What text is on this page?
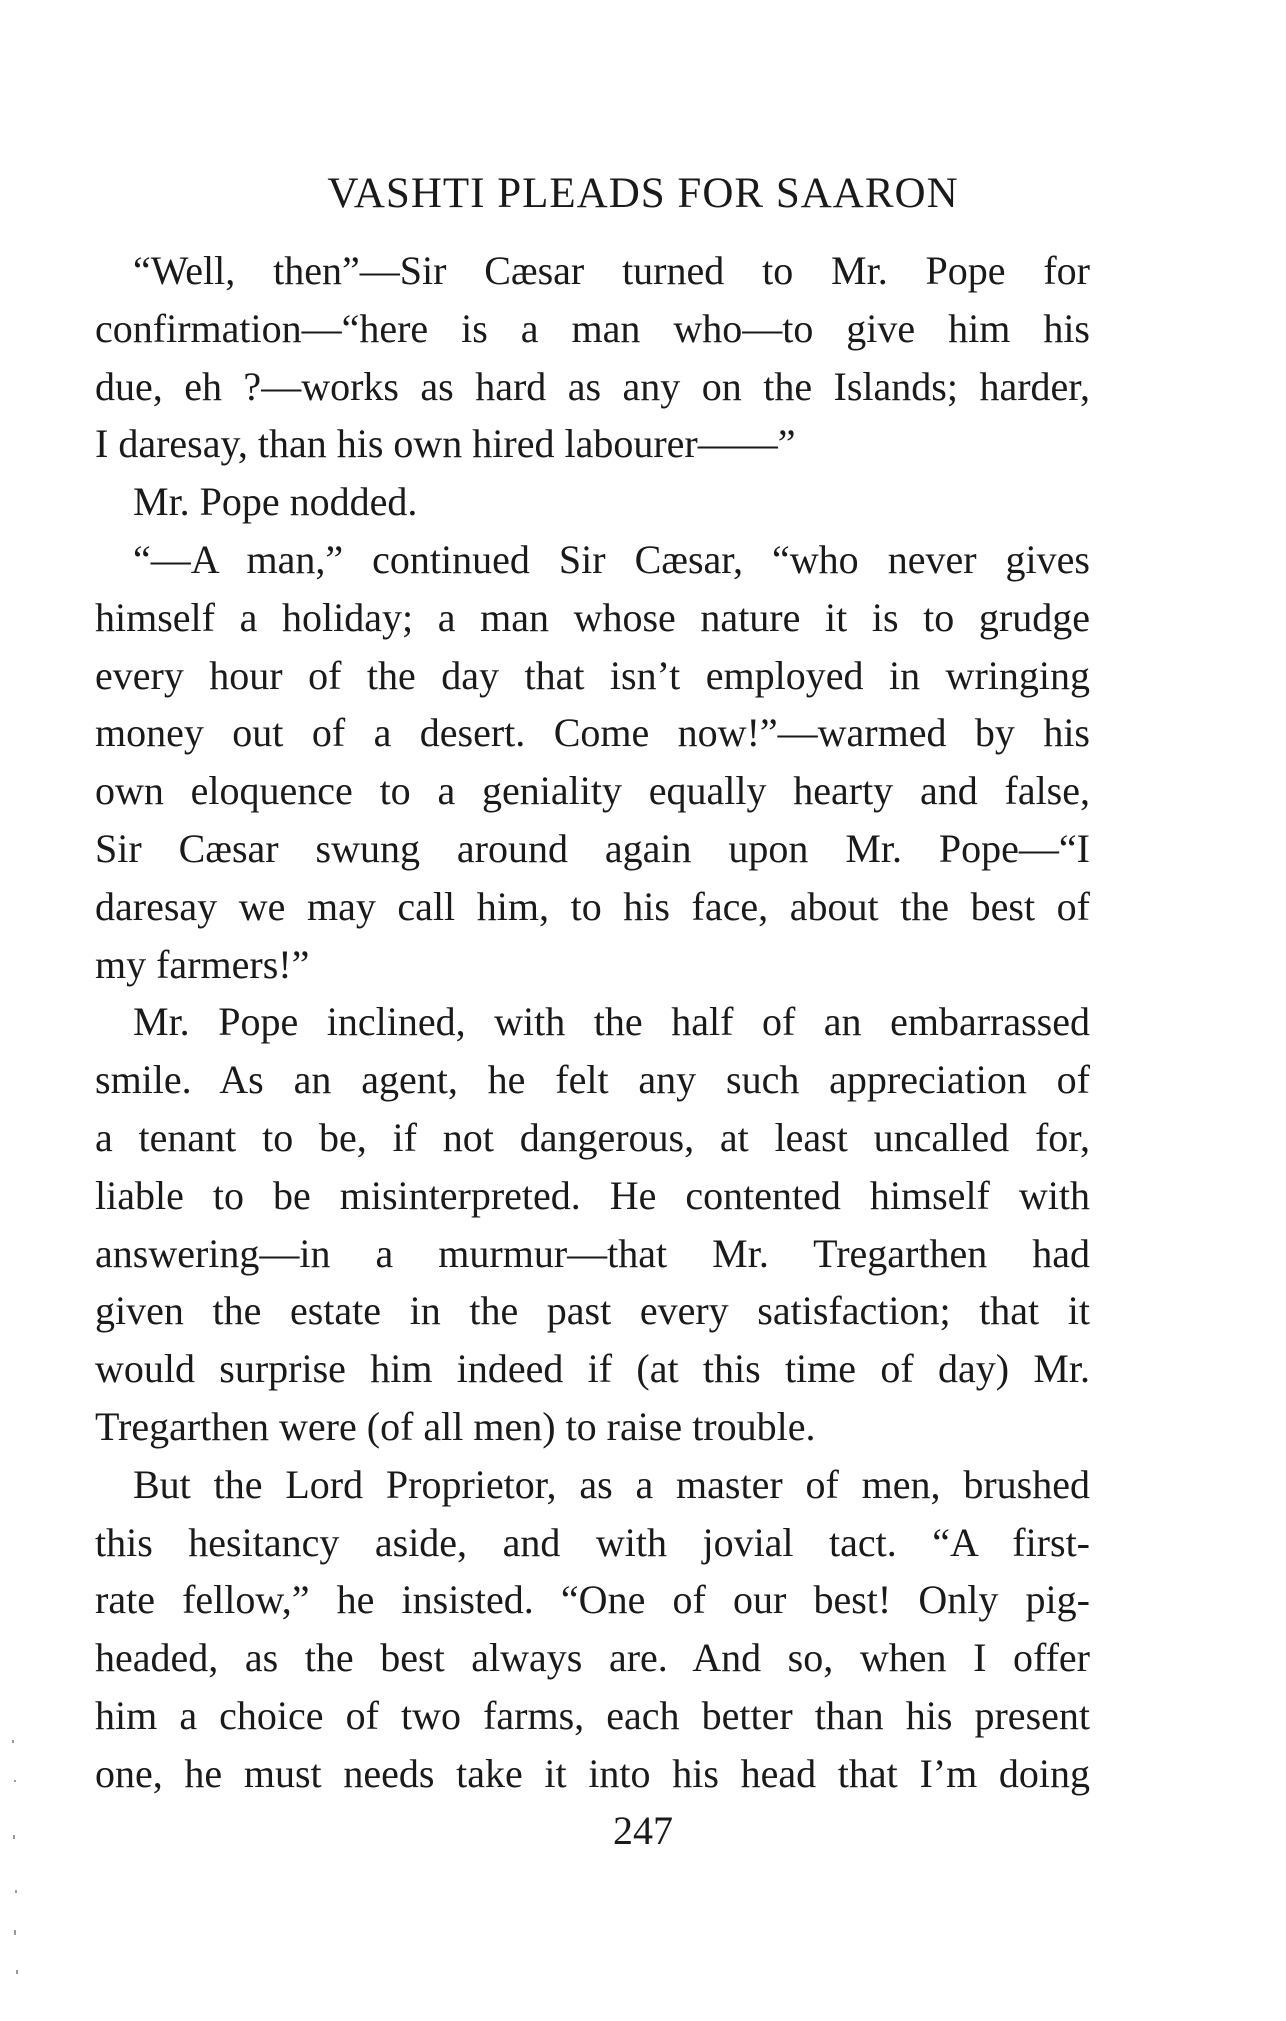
VASHTI PLEADS FOR SAARON
“Well, then”—Sir Cæsar turned to Mr. Pope for
confirmation—“here is a man who—to give him his
due, eh ?—works as hard as any on the Islands; harder,
I daresay, than his own hired labourer——”
Mr. Pope nodded.
“—A man,” continued Sir Cæsar, “who never gives
himself a holiday; a man whose nature it is to grudge
every hour of the day that isn’t employed in wringing
money out of a desert. Come now!”—warmed by his
own eloquence to a geniality equally hearty and false,
Sir Cæsar swung around again upon Mr. Pope—“I
daresay we may call him, to his face, about the best of
my farmers!”
Mr. Pope inclined, with the half of an embarrassed
smile. As an agent, he felt any such appreciation of
a tenant to be, if not dangerous, at least uncalled for,
liable to be misinterpreted. He contented himself with
answering—in a murmur—that Mr. Tregarthen had
given the estate in the past every satisfaction; that it
would surprise him indeed if (at this time of day) Mr.
Tregarthen were (of all men) to raise trouble.
But the Lord Proprietor, as a master of men, brushed
this hesitancy aside, and with jovial tact. “A first-
rate fellow,” he insisted. “One of our best! Only pig-
headed, as the best always are. And so, when I offer
him a choice of two farms, each better than his present
one, he must needs take it into his head that I’m doing
247
